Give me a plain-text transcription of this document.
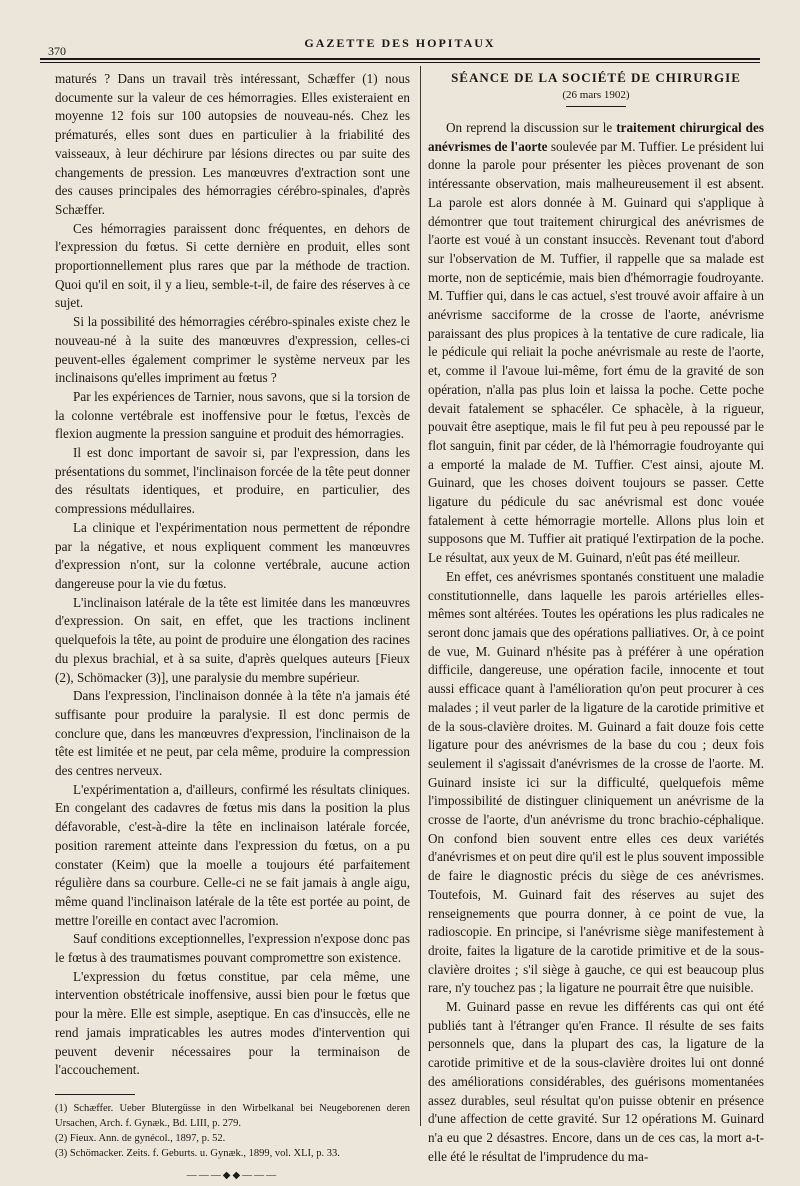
370
GAZETTE DES HOPITAUX

maturés ? Dans un travail très intéressant, Schæffer (1) nous documente sur la valeur de ces hémorragies. Elles existeraient en moyenne 12 fois sur 100 autopsies de nouveau-nés. Chez les prématurés, elles sont dues en particulier à la friabilité des vaisseaux, à leur déchirure par lésions directes ou par suite des changements de pression. Les manœuvres d'extraction sont une des causes principales des hémorragies cérébro-spinales, d'après Schæffer.

Ces hémorragies paraissent donc fréquentes, en dehors de l'expression du fœtus. Si cette dernière en produit, elles sont proportionnellement plus rares que par la méthode de traction. Quoi qu'il en soit, il y a lieu, semble-t-il, de faire des réserves à ce sujet.

Si la possibilité des hémorragies cérébro-spinales existe chez le nouveau-né à la suite des manœuvres d'expression, celles-ci peuvent-elles également comprimer le système nerveux par les inclinaisons qu'elles impriment au fœtus ?

Par les expériences de Tarnier, nous savons, que si la torsion de la colonne vertébrale est inoffensive pour le fœtus, l'excès de flexion augmente la pression sanguine et produit des hémorragies.

Il est donc important de savoir si, par l'expression, dans les présentations du sommet, l'inclinaison forcée de la tête peut donner des résultats identiques, et produire, en particulier, des compressions médullaires.

La clinique et l'expérimentation nous permettent de répondre par la négative, et nous expliquent comment les manœuvres d'expression n'ont, sur la colonne vertébrale, aucune action dangereuse pour la vie du fœtus.

L'inclinaison latérale de la tête est limitée dans les manœuvres d'expression. On sait, en effet, que les tractions inclinent quelquefois la tête, au point de produire une élongation des racines du plexus brachial, et à sa suite, d'après quelques auteurs [Fieux (2), Schömacker (3)], une paralysie du membre supérieur.

Dans l'expression, l'inclinaison donnée à la tête n'a jamais été suffisante pour produire la paralysie. Il est donc permis de conclure que, dans les manœuvres d'expression, l'inclinaison de la tête est limitée et ne peut, par cela même, produire la compression des centres nerveux.

L'expérimentation a, d'ailleurs, confirmé les résultats cliniques. En congelant des cadavres de fœtus mis dans la position la plus défavorable, c'est-à-dire la tête en inclinaison latérale forcée, position rarement atteinte dans l'expression du fœtus, on a pu constater (Keim) que la moelle a toujours été parfaitement régulière dans sa courbure. Celle-ci ne se fait jamais à angle aigu, même quand l'inclinaison latérale de la tête est portée au point, de mettre l'oreille en contact avec l'acromion.

Sauf conditions exceptionnelles, l'expression n'expose donc pas le fœtus à des traumatismes pouvant compromettre son existence.

L'expression du fœtus constitue, par cela même, une intervention obstétricale inoffensive, aussi bien pour le fœtus que pour la mère. Elle est simple, aseptique. En cas d'insuccès, elle ne rend jamais impraticables les autres modes d'intervention qui peuvent devenir nécessaires pour la terminaison de l'accouchement.

(1) Schæffer. Ueber Blutergüsse in den Wirbelkanal bei Neugeborenen deren Ursachen, Arch. f. Gynæk., Bd. LIII, p. 279.
(2) Fieux. Ann. de gynécol., 1897, p. 52.
(3) Schömacker. Zeits. f. Geburts. u. Gynæk., 1899, vol. XLI, p. 33.
———◆◆———
SÉANCE DE LA SOCIÉTÉ DE CHIRURGIE
(26 mars 1902)

On reprend la discussion sur le traitement chirurgical des anévrismes de l'aorte soulevée par M. Tuffier. Le président lui donne la parole pour présenter les pièces provenant de son intéressante observation, mais malheureusement il est absent. La parole est alors donnée à M. Guinard qui s'applique à démontrer que tout traitement chirurgical des anévrismes de l'aorte est voué à un constant insuccès. Revenant tout d'abord sur l'observation de M. Tuffier, il rappelle que sa malade est morte, non de septicémie, mais bien d'hémorragie foudroyante. M. Tuffier qui, dans le cas actuel, s'est trouvé avoir affaire à un anévrisme sacciforme de la crosse de l'aorte, anévrisme paraissant des plus propices à la tentative de cure radicale, lia le pédicule qui reliait la poche anévrismale au reste de l'aorte, et, comme il l'avoue lui-même, fort ému de la gravité de son opération, n'alla pas plus loin et laissa la poche. Cette poche devait fatalement se sphacéler. Ce sphacèle, à la rigueur, pouvait être aseptique, mais le fil fut peu à peu repoussé par le flot sanguin, finit par céder, de là l'hémorragie foudroyante qui a emporté la malade de M. Tuffier. C'est ainsi, ajoute M. Guinard, que les choses doivent toujours se passer. Cette ligature du pédicule du sac anévrismal est donc vouée fatalement à cette hémorragie mortelle. Allons plus loin et supposons que M. Tuffier ait pratiqué l'extirpation de la poche. Le résultat, aux yeux de M. Guinard, n'eût pas été meilleur.

En effet, ces anévrismes spontanés constituent une maladie constitutionnelle, dans laquelle les parois artérielles elles-mêmes sont altérées. Toutes les opérations les plus radicales ne seront donc jamais que des opérations palliatives. Or, à ce point de vue, M. Guinard n'hésite pas à préférer à une opération difficile, dangereuse, une opération facile, innocente et tout aussi efficace quant à l'amélioration qu'on peut procurer à ces malades ; il veut parler de la ligature de la carotide primitive et de la sous-clavière droites. M. Guinard a fait douze fois cette ligature pour des anévrismes de la base du cou ; deux fois seulement il s'agissait d'anévrismes de la crosse de l'aorte. M. Guinard insiste ici sur la difficulté, quelquefois même l'impossibilité de distinguer cliniquement un anévrisme de la crosse de l'aorte, d'un anévrisme du tronc brachio-céphalique. On confond bien souvent entre elles ces deux variétés d'anévrismes et on peut dire qu'il est le plus souvent impossible de faire le diagnostic précis du siège de ces anévrismes. Toutefois, M. Guinard fait des réserves au sujet des renseignements que pourra donner, à ce point de vue, la radioscopie. En principe, si l'anévrisme siège manifestement à droite, faites la ligature de la carotide primitive et de la sous-clavière droites ; s'il siège à gauche, ce qui est beaucoup plus rare, n'y touchez pas ; la ligature ne pourrait être que nuisible.

M. Guinard passe en revue les différents cas qui ont été publiés tant à l'étranger qu'en France. Il résulte de ses faits personnels que, dans la plupart des cas, la ligature de la carotide primitive et de la sous-clavière droites lui ont donné des améliorations considérables, des guérisons momentanées assez durables, seul résultat qu'on puisse obtenir en présence d'une affection de cette gravité. Sur 12 opérations M. Guinard n'a eu que 2 désastres. Encore, dans un de ces cas, la mort a-t-elle été le résultat de l'imprudence du ma-
